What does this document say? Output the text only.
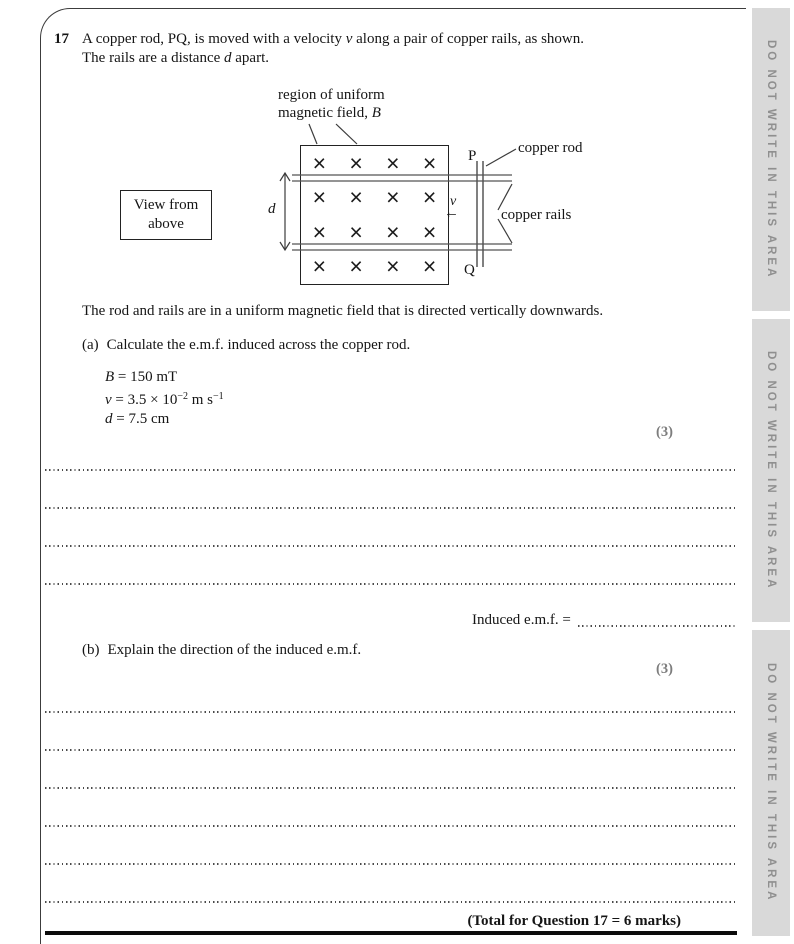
17 A copper rod, PQ, is moved with a velocity v along a pair of copper rails, as shown.
The rails are a distance d apart.
region of uniform
magnetic field, B
× × × ×
× × × ×
× × × ×
× × × ×
View from
above
d
P
Q
v
←
copper rod
copper rails
The rod and rails are in a uniform magnetic field that is directed vertically downwards.
(a) Calculate the e.m.f. induced across the copper rod.
B = 150 mT
$v = 3.5 \times 10^{-2}$ m $s^{-1}$
d = 7.5 cm
(3)
Induced e.m.f. =
(b) Explain the direction of the induced e.m.f.
(3)
(Total for Question 17 = 6 marks)
DO NOT WRITE IN THIS AREA
DO NOT WRITE IN THIS AREA
DO NOT WRITE IN THIS AREA
